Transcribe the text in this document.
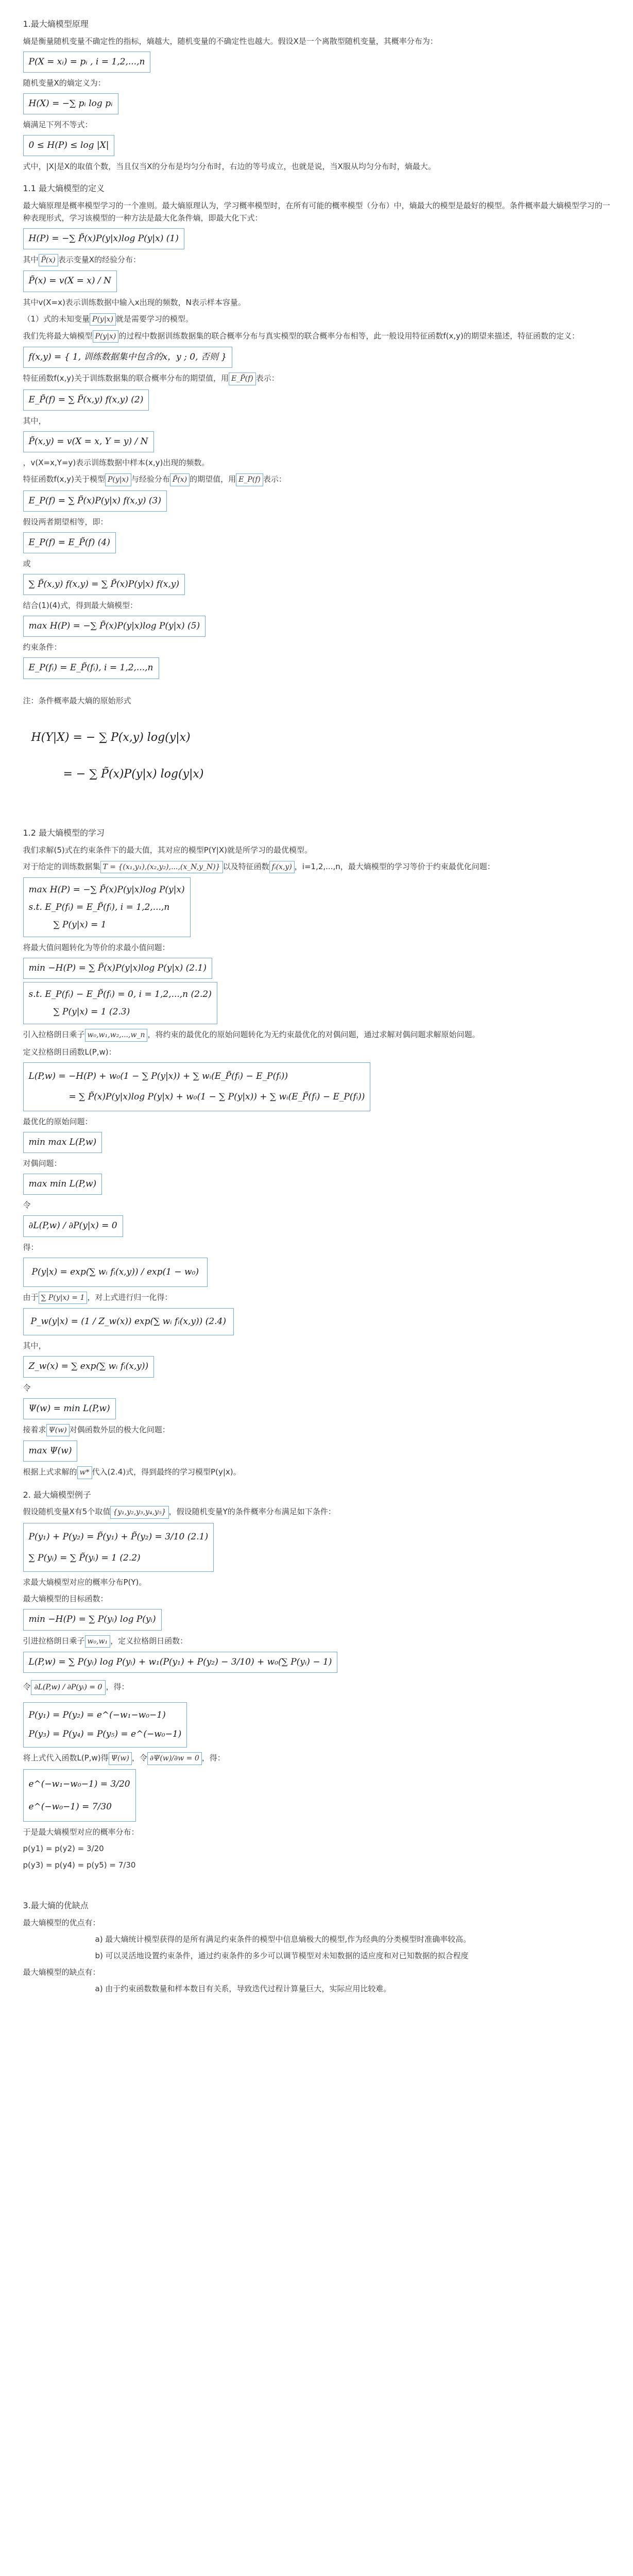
1.最大熵模型原理

熵是衡量随机变量不确定性的指标，熵越大，随机变量的不确定性也越大。假设X是一个离散型随机变量，其概率分布为：

P(X = xᵢ) = pᵢ , i = 1,2,...,n

随机变量X的熵定义为：

H(X) = −∑ pᵢ log pᵢ

熵满足下列不等式：

0 ≤ H(P) ≤ log |X|

式中，|X|是X的取值个数，当且仅当X的分布是均匀分布时，右边的等号成立，也就是说，当X服从均匀分布时，熵最大。

1.1 最大熵模型的定义

最大熵原理是概率模型学习的一个准则。最大熵原理认为，学习概率模型时，在所有可能的概率模型（分布）中，熵最大的模型是最好的模型。条件概率最大熵模型学习的一种表现形式，学习该模型的一种方法是最大化条件熵，即最大化下式：

H(P) = −∑ P̃(x)P(y|x)log P(y|x) (1)

其中 P̃(x) 表示变量X的经验分布：

P̃(x) = v(X = x) / N

其中v(X=x)表示训练数据中输入x出现的频数，N表示样本容量。

（1）式的未知变量 P(y|x) 就是需要学习的模型。

我们先将最大熵模型 P(y|x) 的过程中数据训练数据集的联合概率分布与真实模型的联合概率分布相等，此一般设用特征函数f(x,y)的期望来描述，特征函数的定义：

f(x,y) = { 1, 训练数据集中包含的x，y ; 0, 否则 }

特征函数f(x,y)关于训练数据集的联合概率分布的期望值，用 E_P̃(f) 表示：

E_P̃(f) = ∑ P̃(x,y) f(x,y) (2)

其中，

P̃(x,y) = v(X = x, Y = y) / N

，v(X=x,Y=y)表示训练数据中样本(x,y)出现的频数。

特征函数f(x,y)关于模型 P(y|x) 与经验分布 P̃(x) 的期望值，用 E_P(f) 表示：

E_P(f) = ∑ P̃(x)P(y|x) f(x,y) (3)

假设两者期望相等，即：

E_P(f) = E_P̃(f) (4)

或

∑ P̃(x,y) f(x,y) = ∑ P̃(x)P(y|x) f(x,y)

结合(1)(4)式，得到最大熵模型：

max H(P) = −∑ P̃(x)P(y|x)log P(y|x) (5)

约束条件：

E_P(fᵢ) = E_P̃(fᵢ), i = 1,2,...,n

注：条件概率最大熵的原始形式

H(Y|X) = − ∑ P(x,y) log(y|x)
= − ∑ P̃(x)P(y|x) log(y|x)
1.2 最大熵模型的学习

我们求解(5)式在约束条件下的最大值，其对应的模型P(Y|X)就是所学习的最优模型。

对于给定的训练数据集 T = {(x₁,y₁),(x₂,y₂),...,(x_N,y_N)} 以及特征函数 fᵢ(x,y) ，i=1,2,...,n，最大熵模型的学习等价于约束最优化问题：

max H(P) = −∑ P̃(x)P(y|x)log P(y|x)
s.t. E_P(fᵢ) = E_P̃(fᵢ), i = 1,2,...,n
∑ P(y|x) = 1

将最大值问题转化为等价的求最小值问题：

min −H(P) = ∑ P̃(x)P(y|x)log P(y|x) (2.1)
s.t. E_P(fᵢ) − E_P̃(fᵢ) = 0, i = 1,2,...,n (2.2)
∑ P(y|x) = 1 (2.3)

引入拉格朗日乘子 w₀,w₁,w₂,...,w_n ，将约束的最优化的原始问题转化为无约束最优化的对偶问题，通过求解对偶问题求解原始问题。

定义拉格朗日函数L(P,w)：

L(P,w) = −H(P) + w₀(1 − ∑ P(y|x)) + ∑ wᵢ(E_P̃(fᵢ) − E_P(fᵢ))
= ∑ P̃(x)P(y|x)log P(y|x) + w₀(1 − ∑ P(y|x)) + ∑ wᵢ(E_P̃(fᵢ) − E_P(fᵢ))

最优化的原始问题：

min max L(P,w)

对偶问题：

max min L(P,w)

令

∂L(P,w) / ∂P(y|x) = 0

得：

P(y|x) = exp(∑ wᵢ fᵢ(x,y)) / exp(1 − w₀)

由于 ∑ P(y|x) = 1 ，对上式进行归一化得：

P_w(y|x) = (1 / Z_w(x)) exp(∑ wᵢ fᵢ(x,y)) (2.4)

其中，

Z_w(x) = ∑ exp(∑ wᵢ fᵢ(x,y))

令

Ψ(w) = min L(P,w)

接着求 Ψ(w) 对偶函数外层的极大化问题：

max Ψ(w)

根据上式求解的 w* 代入(2.4)式，得到最终的学习模型P(y|x)。

2. 最大熵模型例子

假设随机变量X有5个取值 {y₁,y₂,y₃,y₄,y₅} ，假设随机变量Y的条件概率分布满足如下条件：

P(y₁) + P(y₂) = P̃(y₁) + P̃(y₂) = 3/10 (2.1)
∑ P(yᵢ) = ∑ P̃(yᵢ) = 1 (2.2)

求最大熵模型对应的概率分布P(Y)。

最大熵模型的目标函数：

min −H(P) = ∑ P(yᵢ) log P(yᵢ)

引进拉格朗日乘子 w₀,w₁ ，定义拉格朗日函数：

L(P,w) = ∑ P(yᵢ) log P(yᵢ) + w₁(P(y₁) + P(y₂) − 3/10) + w₀(∑ P(yᵢ) − 1)

令 ∂L(P,w) / ∂P(yᵢ) = 0 ，得：

P(y₁) = P(y₂) = e^(−w₁−w₀−1)
P(y₃) = P(y₄) = P(y₅) = e^(−w₀−1)

将上式代入函数L(P,w)得 Ψ(w) ，令 ∂Ψ(w)/∂w = 0 ，得：

e^(−w₁−w₀−1) = 3/20
e^(−w₀−1) = 7/30

于是最大熵模型对应的概率分布：

p(y1) = p(y2) = 3/20

p(y3) = p(y4) = p(y5) = 7/30

3.最大熵的优缺点

最大熵模型的优点有：

a) 最大熵统计模型获得的是所有满足约束条件的模型中信息熵极大的模型,作为经典的分类模型时准确率较高。

b) 可以灵活地设置约束条件，通过约束条件的多少可以调节模型对未知数据的适应度和对已知数据的拟合程度

最大熵模型的缺点有：

a) 由于约束函数数量和样本数目有关系，导致迭代过程计算量巨大，实际应用比较难。
